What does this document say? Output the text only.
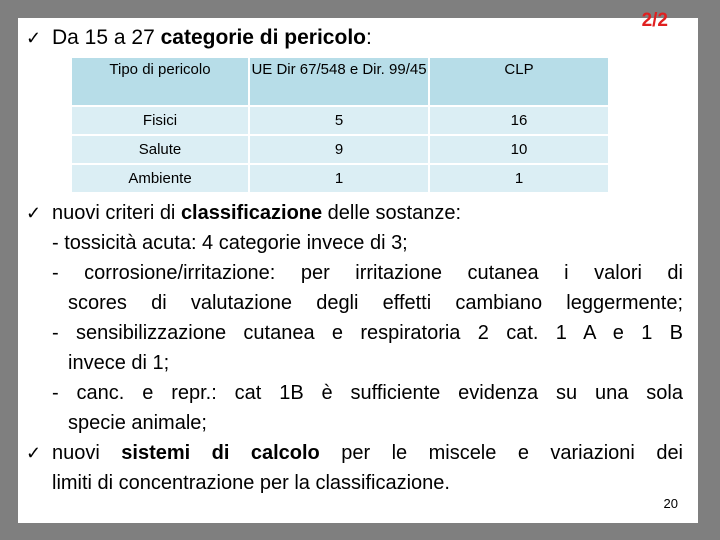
2/2
✓ Da 15 a 27 categorie di pericolo:
Tipo di pericolo	UE Dir 67/548 e Dir. 99/45	CLP
Fisici	5	16
Salute	9	10
Ambiente	1	1
✓ nuovi criteri di classificazione delle sostanze:
- tossicità acuta: 4 categorie invece di 3;
- corrosione/irritazione: per irritazione cutanea i valori di
scores di valutazione degli effetti cambiano leggermente;
- sensibilizzazione cutanea e respiratoria 2 cat. 1 A e 1 B
invece di 1;
- canc. e repr.: cat 1B è sufficiente evidenza su una sola
specie animale;
✓ nuovi sistemi di calcolo per le miscele e variazioni dei
limiti di concentrazione per la classificazione.
20
